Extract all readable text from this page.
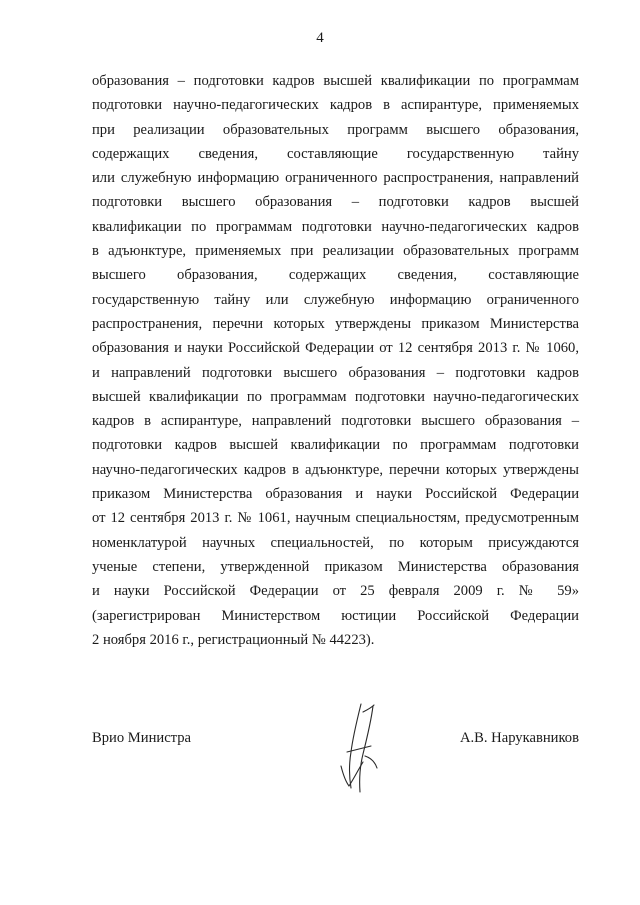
4
образования – подготовки кадров высшей квалификации по программам
подготовки научно-педагогических кадров в аспирантуре, применяемых
при реализации образовательных программ высшего образования,
содержащих сведения, составляющие государственную тайну
или служебную информацию ограниченного распространения, направлений
подготовки высшего образования – подготовки кадров высшей
квалификации по программам подготовки научно-педагогических кадров
в адъюнктуре, применяемых при реализации образовательных программ
высшего образования, содержащих сведения, составляющие
государственную тайну или служебную информацию ограниченного
распространения, перечни которых утверждены приказом Министерства
образования и науки Российской Федерации от 12 сентября 2013 г. № 1060,
и направлений подготовки высшего образования – подготовки кадров
высшей квалификации по программам подготовки научно-педагогических
кадров в аспирантуре, направлений подготовки высшего образования –
подготовки кадров высшей квалификации по программам подготовки
научно-педагогических кадров в адъюнктуре, перечни которых утверждены
приказом Министерства образования и науки Российской Федерации
от 12 сентября 2013 г. № 1061, научным специальностям, предусмотренным
номенклатурой научных специальностей, по которым присуждаются
ученые степени, утвержденной приказом Министерства образования
и науки Российской Федерации от 25 февраля 2009 г. № 59»
(зарегистрирован Министерством юстиции Российской Федерации
2 ноября 2016 г., регистрационный № 44223).
Врио Министра	А.В. Нарукавников
